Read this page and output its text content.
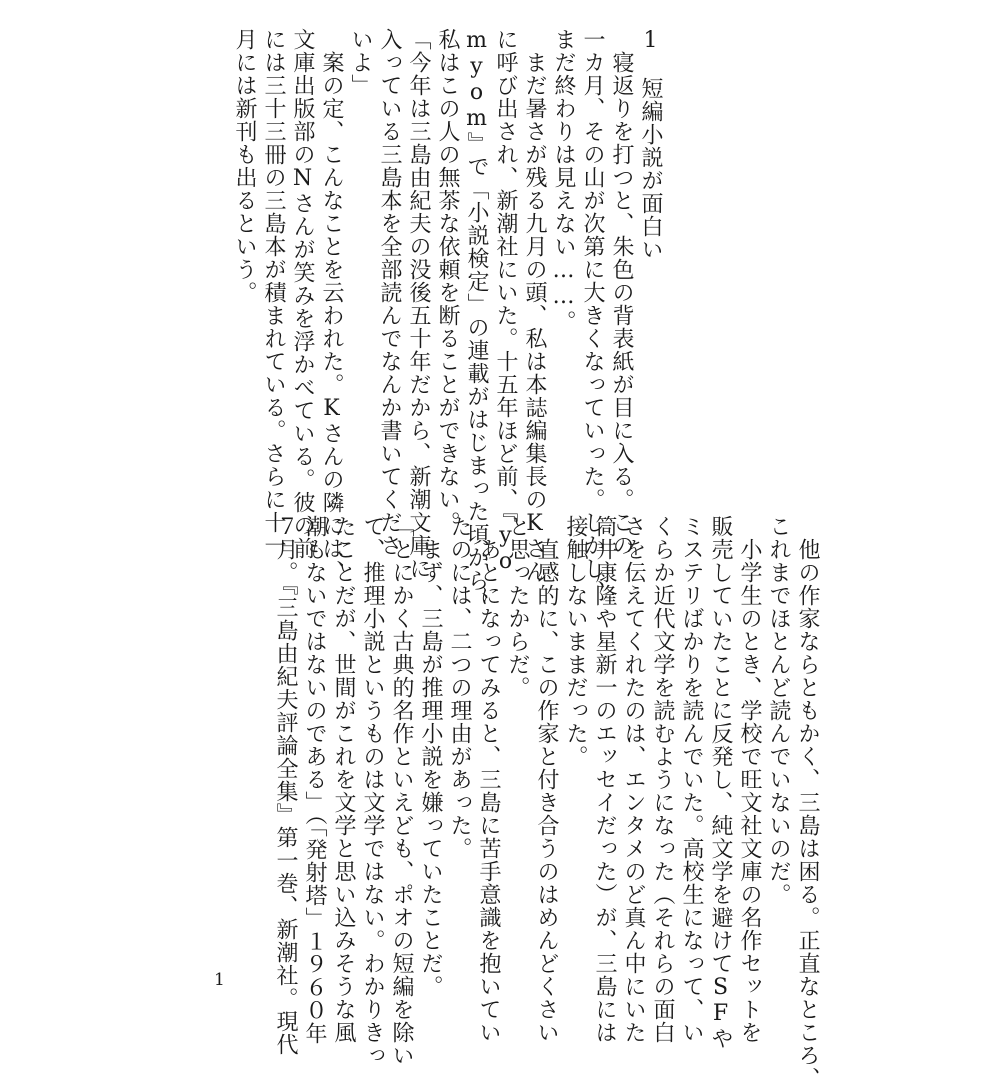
1　短編小説が面白い

　寝返りを打つと、朱色の背表紙が目に入る。この

一カ月、その山が次第に大きくなっていった。しかし、

まだ終わりは見えない……。

　まだ暑さが残る九月の頭、私は本誌編集長のKさん

に呼び出され、新潮社にいた。十五年ほど前、『yo

myom』で「小説検定」の連載がはじまった頃から、

私はこの人の無茶な依頼を断ることができない。

「今年は三島由紀夫の没後五十年だから、新潮文庫に

入っている三島本を全部読んでなんか書いてくださ

いよ」

　案の定、こんなことを云われた。Kさんの隣には、

文庫出版部のNさんが笑みを浮かべている。彼の前

には三十三冊の三島本が積まれている。さらに十一

月には新刊も出るという。

　他の作家ならともかく、三島は困る。正直なところ、

これまでほとんど読んでいないのだ。

　小学生のとき、学校で旺文社文庫の名作セットを

販売していたことに反発し、純文学を避けてSFや

ミステリばかりを読んでいた。高校生になって、い

くらか近代文学を読むようになった（それらの面白

さを伝えてくれたのは、エンタメのど真ん中にいた

筒井康隆や星新一のエッセイだった）が、三島には

接触しないままだった。

　直感的に、この作家と付き合うのはめんどくさい

と思ったからだ。

　あとになってみると、三島に苦手意識を抱いてい

たのには、二つの理由があった。

　まず、三島が推理小説を嫌っていたことだ。

「とにかく古典的名作といえども、ポオの短編を除い

て、推理小説というものは文学ではない。わかりきっ

たことだが、世間がこれを文学と思い込みそうな風

潮もないではないのである」（「発射塔」１９６０年

７月。『三島由紀夫評論全集』第一巻、新潮社。現代

1
